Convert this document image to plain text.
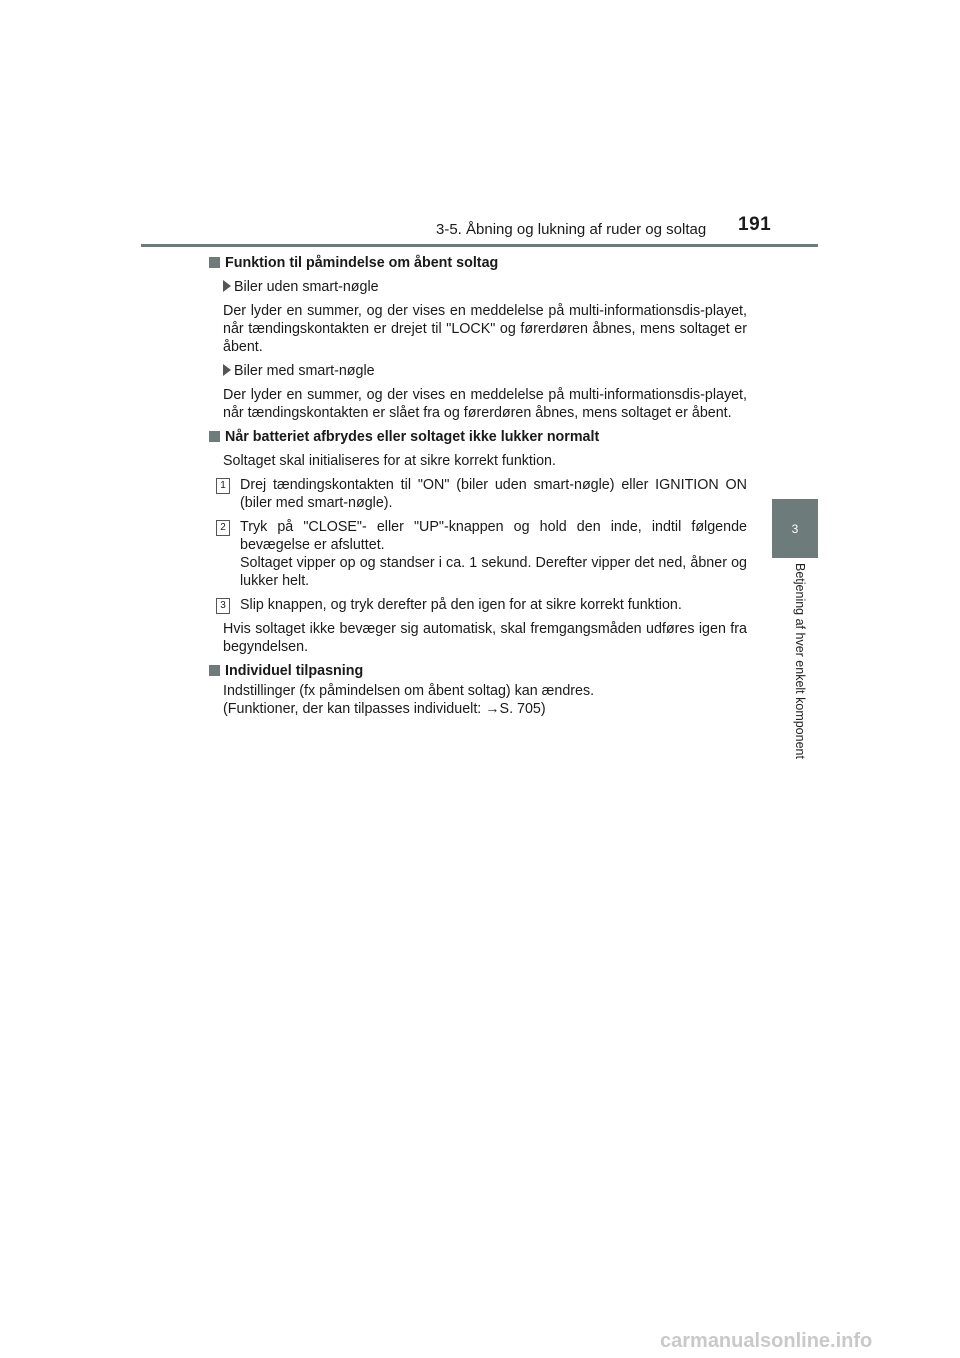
3-5. Åbning og lukning af ruder og soltag 191
3
Betjening af hver enkelt komponent
Funktion til påmindelse om åbent soltag
Biler uden smart-nøgle

Der lyder en summer, og der vises en meddelelse på multi-informationsdis-playet, når tændingskontakten er drejet til "LOCK" og førerdøren åbnes, mens soltaget er åbent.

Biler med smart-nøgle

Der lyder en summer, og der vises en meddelelse på multi-informationsdis-playet, når tændingskontakten er slået fra og førerdøren åbnes, mens soltaget er åbent.

Når batteriet afbrydes eller soltaget ikke lukker normalt

Soltaget skal initialiseres for at sikre korrekt funktion.

1 Drej tændingskontakten til "ON" (biler uden smart-nøgle) eller IGNITION ON (biler med smart-nøgle).

2 Tryk på "CLOSE"- eller "UP"-knappen og hold den inde, indtil følgende bevægelse er afsluttet.

Soltaget vipper op og standser i ca. 1 sekund. Derefter vipper det ned, åbner og lukker helt.

3 Slip knappen, og tryk derefter på den igen for at sikre korrekt funktion.

Hvis soltaget ikke bevæger sig automatisk, skal fremgangsmåden udføres igen fra begyndelsen.

Individuel tilpasning

Indstillinger (fx påmindelsen om åbent soltag) kan ændres.

(Funktioner, der kan tilpasses individuelt: →S. 705)

carmanualsonline.info
